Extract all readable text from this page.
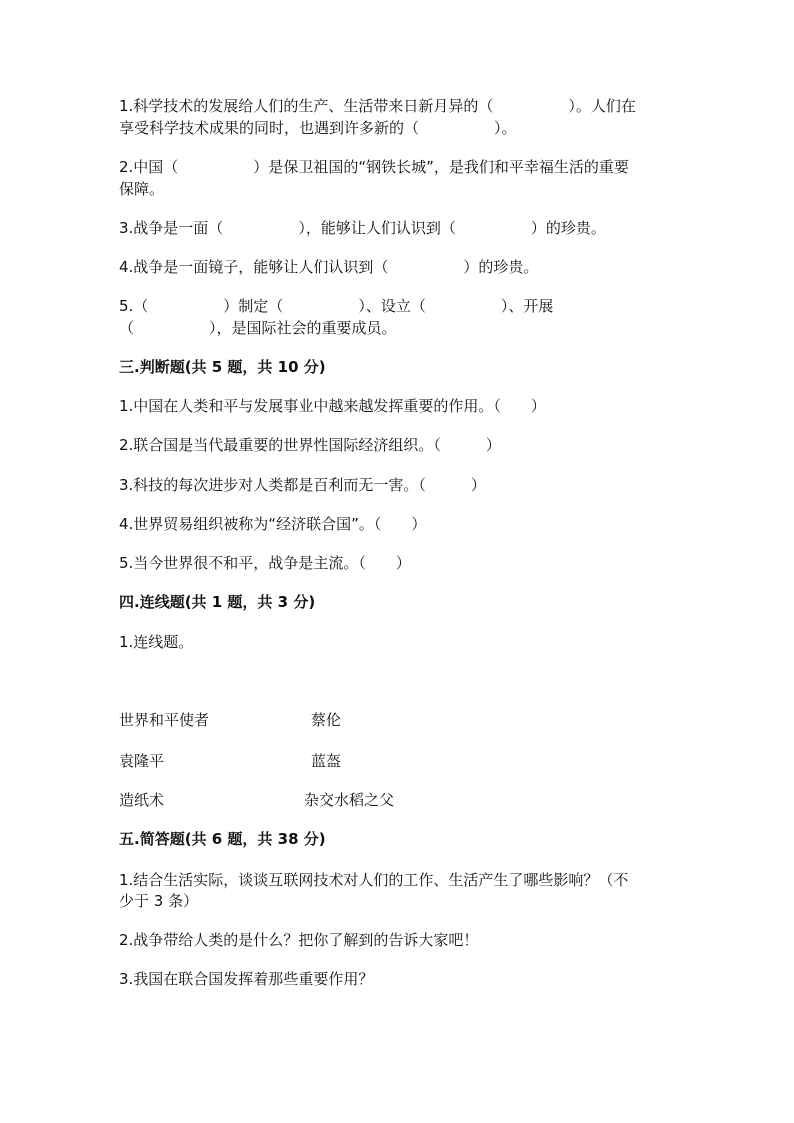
1.科学技术的发展给人们的生产、生活带来日新月异的（　　　　　）。人们在
享受科学技术成果的同时，也遇到许多新的（　　　　　）。
2.中国（　　　　　）是保卫祖国的“钢铁长城”，是我们和平幸福生活的重要
保障。
3.战争是一面（　　　　　），能够让人们认识到（　　　　　）的珍贵。
4.战争是一面镜子，能够让人们认识到（　　　　　）的珍贵。
5.（　　　　　）制定（　　　　　）、设立（　　　　　）、开展
（　　　　　），是国际社会的重要成员。
三.判断题(共 5 题，共 10 分)
1.中国在人类和平与发展事业中越来越发挥重要的作用。（　　）
2.联合国是当代最重要的世界性国际经济组织。（　　　）
3.科技的每次进步对人类都是百利而无一害。（　　　）
4.世界贸易组织被称为“经济联合国”。（　　）
5.当今世界很不和平，战争是主流。（　　）
四.连线题(共 1 题，共 3 分)
1.连线题。
世界和平使者	蔡伦
袁隆平	蓝盔
造纸术	杂交水稻之父
五.简答题(共 6 题，共 38 分)
1.结合生活实际，谈谈互联网技术对人们的工作、生活产生了哪些影响？（不
少于 3 条）
2.战争带给人类的是什么？把你了解到的告诉大家吧！
3.我国在联合国发挥着那些重要作用？
